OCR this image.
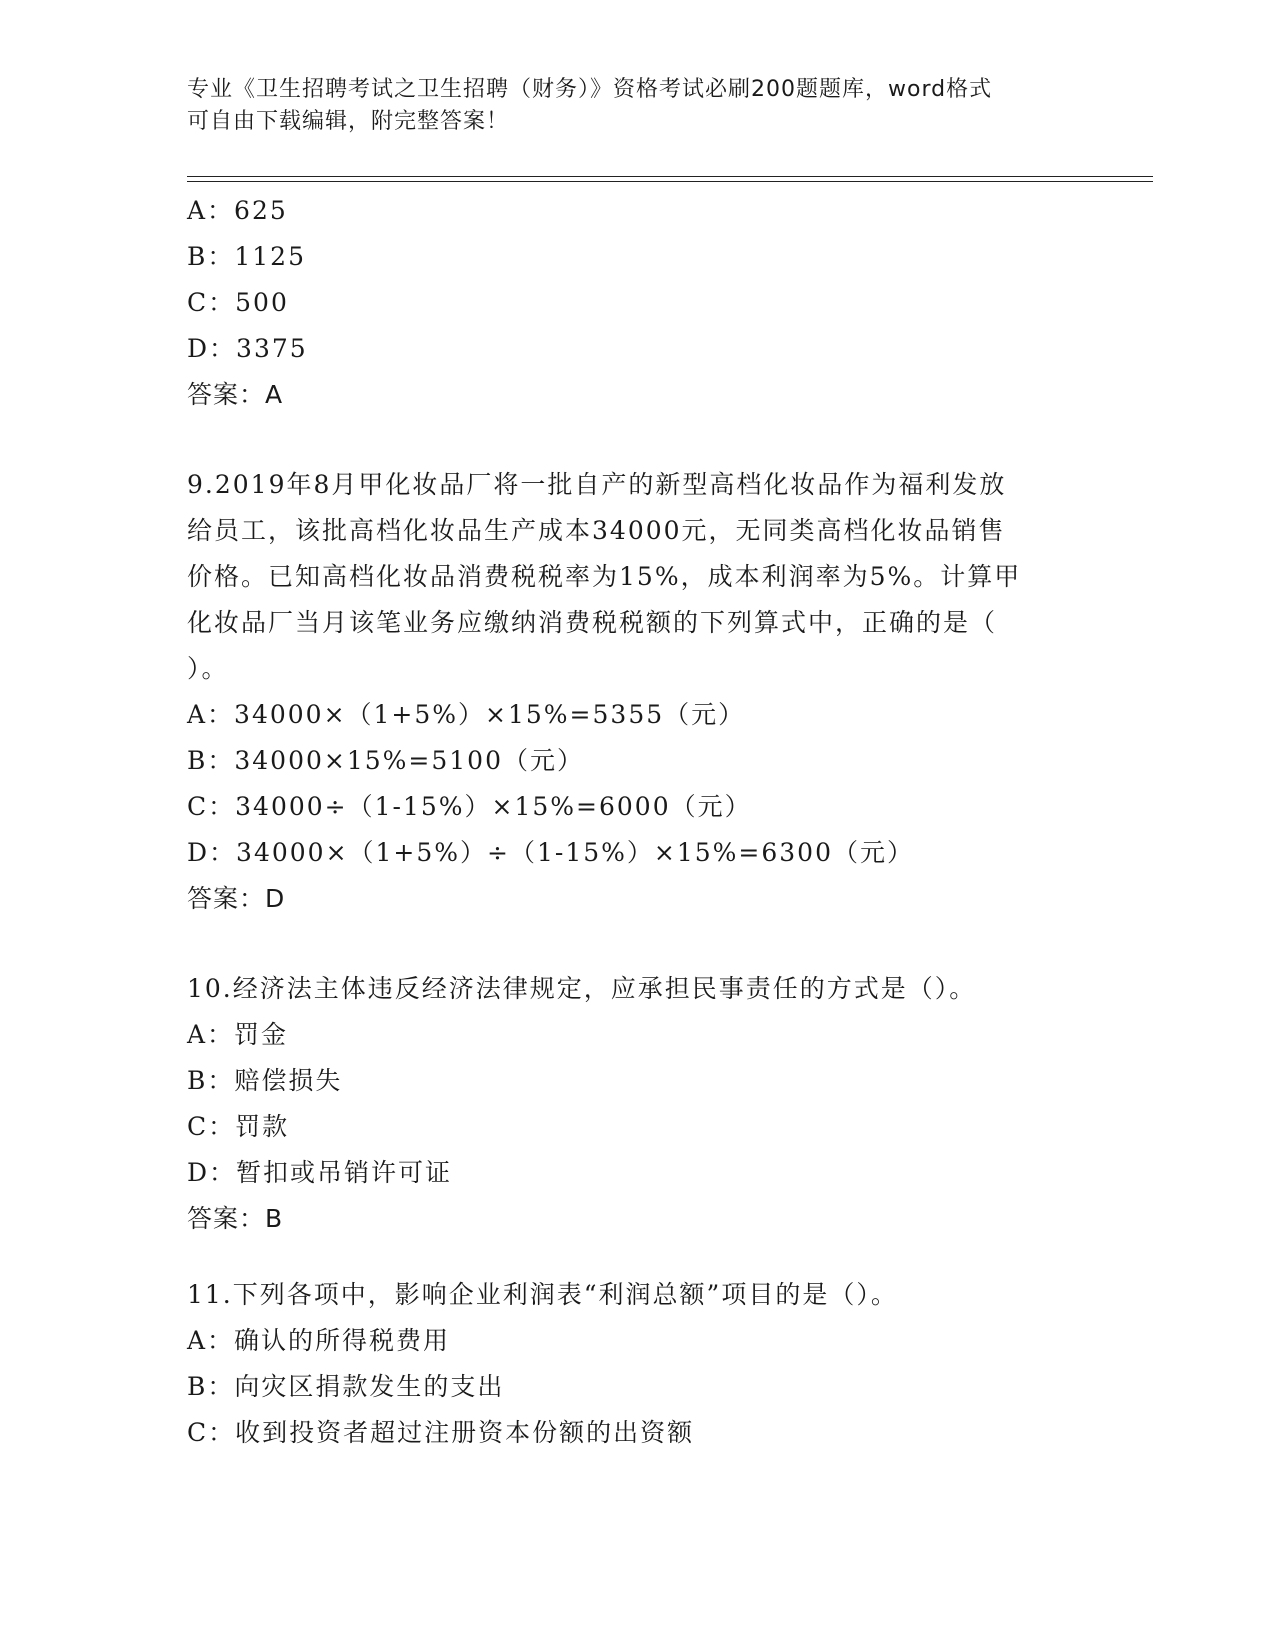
专业《卫生招聘考试之卫生招聘（财务）》资格考试必刷200题题库，word格式
可自由下载编辑，附完整答案！
A：625
B：1125
C：500
D：3375
答案：A
9.2019年8月甲化妆品厂将一批自产的新型高档化妆品作为福利发放
给员工，该批高档化妆品生产成本34000元，无同类高档化妆品销售
价格。已知高档化妆品消费税税率为15%，成本利润率为5%。计算甲
化妆品厂当月该笔业务应缴纳消费税税额的下列算式中，正确的是（
）。
A：34000×（1+5%）×15%=5355（元）
B：34000×15%=5100（元）
C：34000÷（1-15%）×15%=6000（元）
D：34000×（1+5%）÷（1-15%）×15%=6300（元）
答案：D
10.经济法主体违反经济法律规定，应承担民事责任的方式是（）。
A：罚金
B：赔偿损失
C：罚款
D：暂扣或吊销许可证
答案：B
11.下列各项中，影响企业利润表“利润总额”项目的是（）。
A：确认的所得税费用
B：向灾区捐款发生的支出
C：收到投资者超过注册资本份额的出资额
